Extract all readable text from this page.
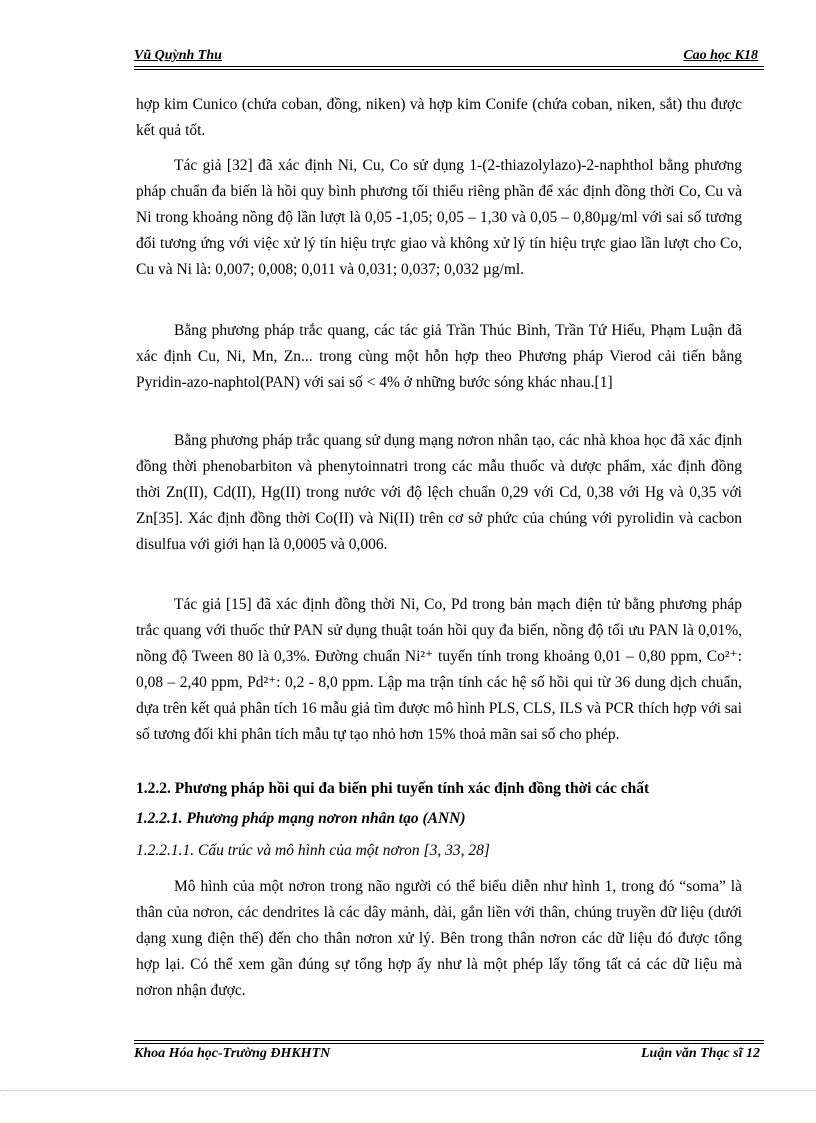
Vũ Quỳnh Thu	Cao học K18

hợp kim Cunico (chứa coban, đồng, niken) và hợp kim Conife (chứa coban, niken, sắt) thu được kết quả tốt.

Tác giả [32] đã xác định Ni, Cu, Co sử dụng 1-(2-thiazolylazo)-2-naphthol bằng phương pháp chuẩn đa biến là hồi quy bình phương tối thiểu riêng phần để xác định đồng thời Co, Cu và Ni trong khoảng nồng độ lần lượt là 0,05 -1,05; 0,05 – 1,30 và 0,05 – 0,80µg/ml với sai số tương đối tương ứng với việc xử lý tín hiệu trực giao và không xử lý tín hiệu trực giao lần lượt cho Co, Cu và Ni là: 0,007; 0,008; 0,011 và 0,031; 0,037; 0,032 µg/ml.

Bằng phương pháp trắc quang, các tác giả Trần Thúc Bình, Trần Tứ Hiếu, Phạm Luận đã xác định Cu, Ni, Mn, Zn... trong cùng một hỗn hợp theo Phương pháp Vierod cải tiến bằng Pyridin-azo-naphtol(PAN) với sai số < 4% ở những bước sóng khác nhau.[1]

Bằng phương pháp trắc quang sử dụng mạng nơron nhân tạo, các nhà khoa học đã xác định đồng thời phenobarbiton và phenytoinnatri trong các mẫu thuốc và dược phẩm, xác định đồng thời Zn(II), Cd(II), Hg(II) trong nước với độ lệch chuẩn 0,29 với Cd, 0,38 với Hg và 0,35 với Zn[35]. Xác định đồng thời Co(II) và Ni(II) trên cơ sở phức của chúng với pyrolidin và cacbon disulfua với giới hạn là 0,0005 và 0,006.

Tác giả [15] đã xác định đồng thời Ni, Co, Pd trong bản mạch điện tử bằng phương pháp trắc quang với thuốc thử PAN sử dụng thuật toán hồi quy đa biến, nồng độ tối ưu PAN là 0,01%, nồng độ Tween 80 là 0,3%. Đường chuẩn Ni²⁺ tuyến tính trong khoảng 0,01 – 0,80 ppm, Co²⁺: 0,08 – 2,40 ppm, Pd²⁺: 0,2 - 8,0 ppm. Lập ma trận tính các hệ số hồi qui từ 36 dung dịch chuẩn, dựa trên kết quả phân tích 16 mẫu giả tìm được mô hình PLS, CLS, ILS và PCR thích hợp với sai số tương đối khi phân tích mẫu tự tạo nhỏ hơn 15% thoả mãn sai số cho phép.

1.2.2. Phương pháp hồi qui đa biến phi tuyến tính xác định đồng thời các chất

1.2.2.1. Phương pháp mạng nơron nhân tạo (ANN)

1.2.2.1.1. Cấu trúc và mô hình của một nơron [3, 33, 28]

Mô hình của một nơron trong não người có thể biểu diễn như hình 1, trong đó “soma” là thân của nơron, các dendrites là các dây mảnh, dài, gắn liền với thân, chúng truyền dữ liệu (dưới dạng xung điện thế) đến cho thân nơron xử lý. Bên trong thân nơron các dữ liệu đó được tổng hợp lại. Có thể xem gần đúng sự tổng hợp ấy như là một phép lấy tổng tất cả các dữ liệu mà nơron nhận được.

Khoa Hóa học-Trường ĐHKHTN	Luận văn Thạc sĩ 12
